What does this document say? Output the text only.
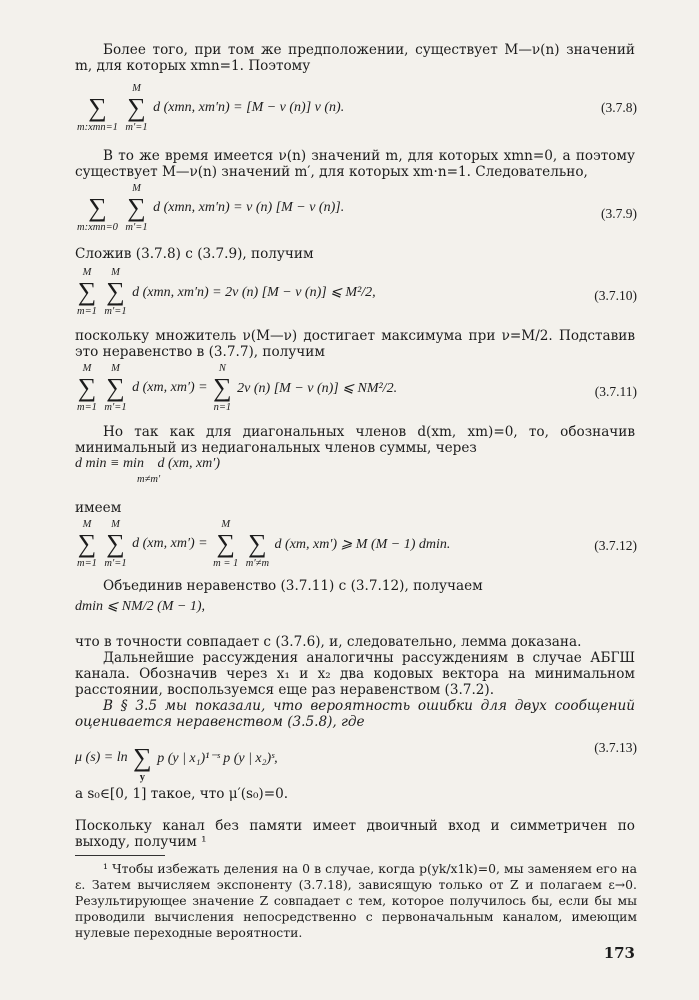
Более того, при том же предположении, существует M—ν(n) значений m, для которых xmn=1. Поэтому
∑
m:xmn=1

M
∑
m′=1
d (xmn, xm′n) = [M − ν (n)] ν (n).	(3.7.8)
В то же время имеется ν(n) значений m, для которых xmn=0, а поэтому существует M—ν(n) значений m′, для которых xm·n=1. Следовательно,
∑
m:xmn=0

M
∑
m′=1
d (xmn, xm′n) = ν (n) [M − ν (n)].	(3.7.9)
Сложив (3.7.8) с (3.7.9), получим
M
∑
m=1

M
∑
m′=1
d (xmn, xm′n) = 2ν (n) [M − ν (n)] ⩽ M²/2,	(3.7.10)
поскольку множитель ν(M—ν) достигает максимума при ν=M/2. Подставив это неравенство в (3.7.7), получим
M
∑
m=1

M
∑
m′=1
d (xm, xm′) =
N
∑
n=1
2ν (n) [M − ν (n)] ⩽ NM²/2.	(3.7.11)
Но так как для диагональных членов d(xm, xm)=0, то, обозначив минимальный из недиагональных членов суммы, через
d min ≡ min
m≠m′
d (xm, xm′)
имеем
M
∑
m=1

M
∑
m′=1
d (xm, xm′) =
M
∑
m = 1

∑
m′≠m
d (xm, xm′) ⩾ M (M − 1) dmin.	(3.7.12)
Объединив неравенство (3.7.11) с (3.7.12), получаем
dmin ⩽ NM/2 (M − 1),
что в точности совпадает с (3.7.6), и, следовательно, лемма доказана.
Дальнейшие рассуждения аналогичны рассуждениям в случае АБГШ канала. Обозначив через x₁ и x₂ два кодовых вектора на минимальном расстоянии, воспользуемся еще раз неравенством (3.7.2).
В § 3.5 мы показали, что вероятность ошибки для двух сообщений оценивается неравенством (3.5.8), где
μ (s) = ln ∑
y
p (y | x₁)¹⁻ˢ p (y | x₂)ˢ,
(3.7.13)
а s₀∈[0, 1] такое, что μ′(s₀)=0.
Поскольку канал без памяти имеет двоичный вход и симметричен по выходу, получим ¹
¹ Чтобы избежать деления на 0 в случае, когда p(yk/x1k)=0, мы заменяем его на ε. Затем вычисляем экспоненту (3.7.18), зависящую только от Z и полагаем ε→0. Результирующее значение Z совпадает с тем, которое получилось бы, если бы мы проводили вычисления непосредственно с первоначальным каналом, имеющим нулевые переходные вероятности.
173
